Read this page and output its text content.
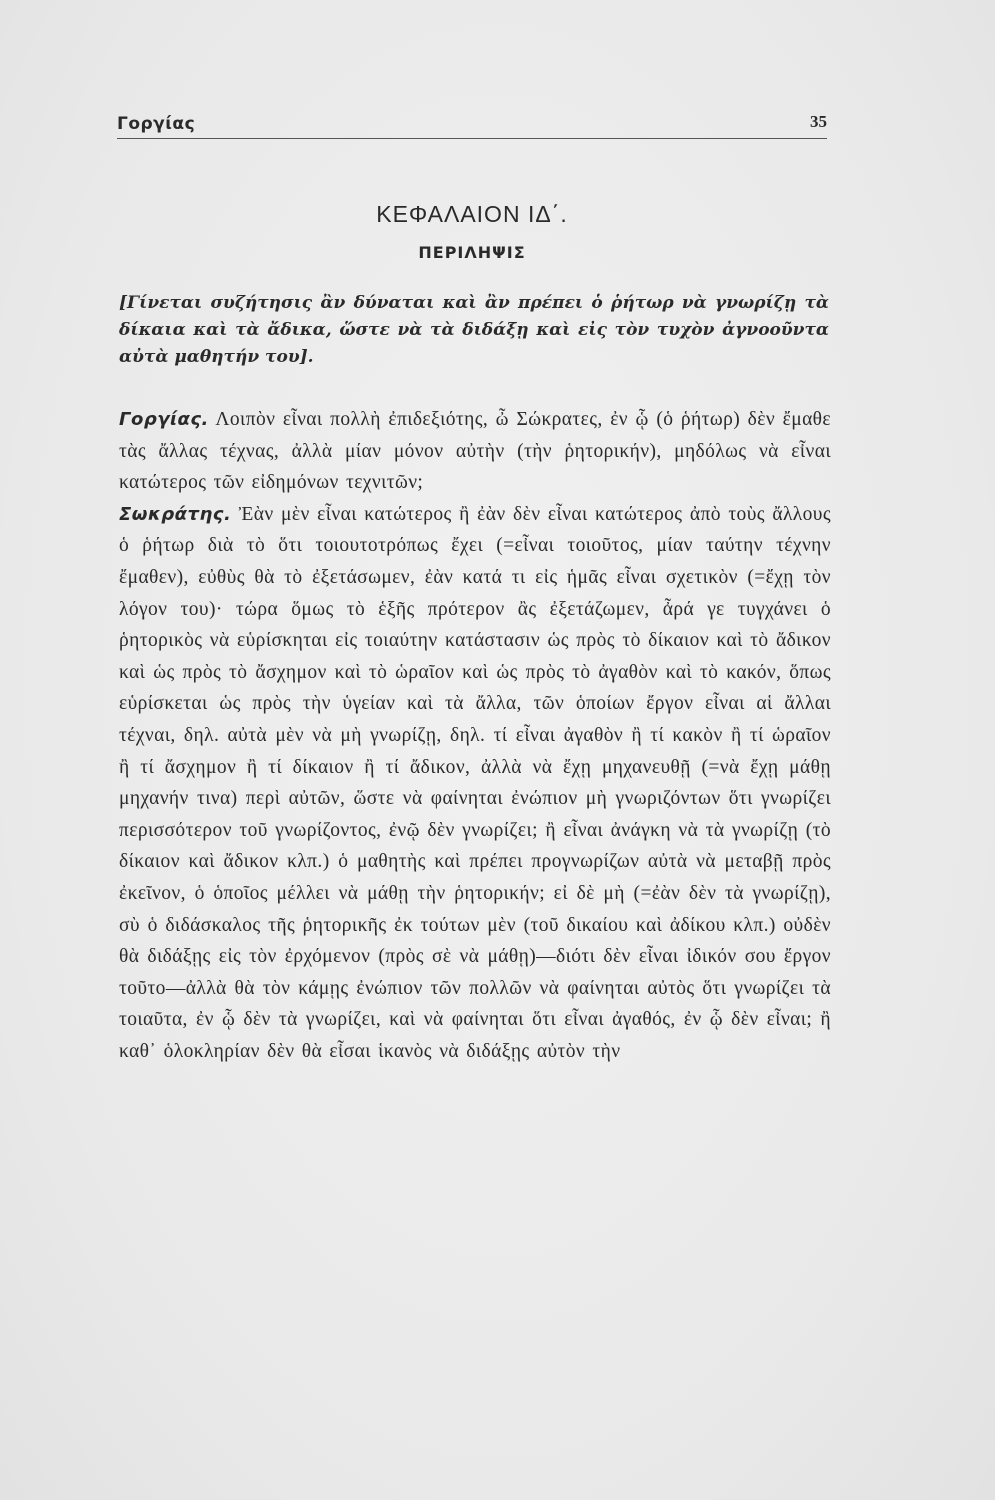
Γοργίας	35
ΚΕΦΑΛΑΙΟΝ ΙΔ΄.
ΠΕΡΙΛΗΨΙΣ

[Γίνεται συζήτησις ἂν δύναται καὶ ἂν πρέπει ὁ ῥήτωρ νὰ γνωρίζῃ τὰ δίκαια καὶ τὰ ἄδικα, ὥστε νὰ τὰ διδάξῃ καὶ εἰς τὸν τυχὸν ἀγνοοῦντα αὐτὰ μαθητήν του].

Γοργίας. Λοιπὸν εἶναι πολλὴ ἐπιδεξιότης, ὦ Σώκρατες, ἐν ᾧ (ὁ ῥήτωρ) δὲν ἔμαθε τὰς ἄλλας τέχνας, ἀλλὰ μίαν μόνον αὐτὴν (τὴν ῥητορικήν), μηδόλως νὰ εἶναι κατώτερος τῶν εἰδημόνων τεχνιτῶν;

Σωκράτης. Ἐὰν μὲν εἶναι κατώτερος ἢ ἐὰν δὲν εἶναι κατώτερος ἀπὸ τοὺς ἄλλους ὁ ῥήτωρ διὰ τὸ ὅτι τοιουτοτρόπως ἔχει (=εἶναι τοιοῦτος, μίαν ταύτην τέχνην ἔμαθεν), εὐθὺς θὰ τὸ ἐξετάσωμεν, ἐὰν κατά τι εἰς ἡμᾶς εἶναι σχετικὸν (=ἔχῃ τὸν λόγον του)· τώρα ὅμως τὸ ἑξῆς πρότερον ἂς ἐξετάζωμεν, ἆρά γε τυγχάνει ὁ ῥητορικὸς νὰ εὑρίσκηται εἰς τοιαύτην κατάστασιν ὡς πρὸς τὸ δίκαιον καὶ τὸ ἄδικον καὶ ὡς πρὸς τὸ ἄσχημον καὶ τὸ ὡραῖον καὶ ὡς πρὸς τὸ ἀγαθὸν καὶ τὸ κακόν, ὅπως εὑρίσκεται ὡς πρὸς τὴν ὑγείαν καὶ τὰ ἄλλα, τῶν ὁποίων ἔργον εἶναι αἱ ἄλλαι τέχναι, δηλ. αὐτὰ μὲν νὰ μὴ γνωρίζῃ, δηλ. τί εἶναι ἀγαθὸν ἢ τί κακὸν ἢ τί ὡραῖον ἢ τί ἄσχημον ἢ τί δίκαιον ἢ τί ἄδικον, ἀλλὰ νὰ ἔχῃ μηχανευθῇ (=νὰ ἔχῃ μάθῃ μηχανήν τινα) περὶ αὐτῶν, ὥστε νὰ φαίνηται ἐνώπιον μὴ γνωριζόντων ὅτι γνωρίζει περισσότερον τοῦ γνωρίζοντος, ἐνῷ δὲν γνωρίζει; ἢ εἶναι ἀνάγκη νὰ τὰ γνωρίζῃ (τὸ δίκαιον καὶ ἄδικον κλπ.) ὁ μαθητὴς καὶ πρέπει προγνωρίζων αὐτὰ νὰ μεταβῇ πρὸς ἐκεῖνον, ὁ ὁποῖος μέλλει νὰ μάθῃ τὴν ῥητορικήν; εἰ δὲ μὴ (=ἐὰν δὲν τὰ γνωρίζῃ), σὺ ὁ διδάσκαλος τῆς ῥητορικῆς ἐκ τούτων μὲν (τοῦ δικαίου καὶ ἀδίκου κλπ.) οὐδὲν θὰ διδάξῃς εἰς τὸν ἐρχόμενον (πρὸς σὲ νὰ μάθῃ)—διότι δὲν εἶναι ἰδικόν σου ἔργον τοῦτο—ἀλλὰ θὰ τὸν κάμῃς ἐνώπιον τῶν πολλῶν νὰ φαίνηται αὐτὸς ὅτι γνωρίζει τὰ τοιαῦτα, ἐν ᾧ δὲν τὰ γνωρίζει, καὶ νὰ φαίνηται ὅτι εἶναι ἀγαθός, ἐν ᾧ δὲν εἶναι; ἢ καθ᾽ ὁλοκληρίαν δὲν θὰ εἶσαι ἱκανὸς νὰ διδάξῃς αὐτὸν τὴν
